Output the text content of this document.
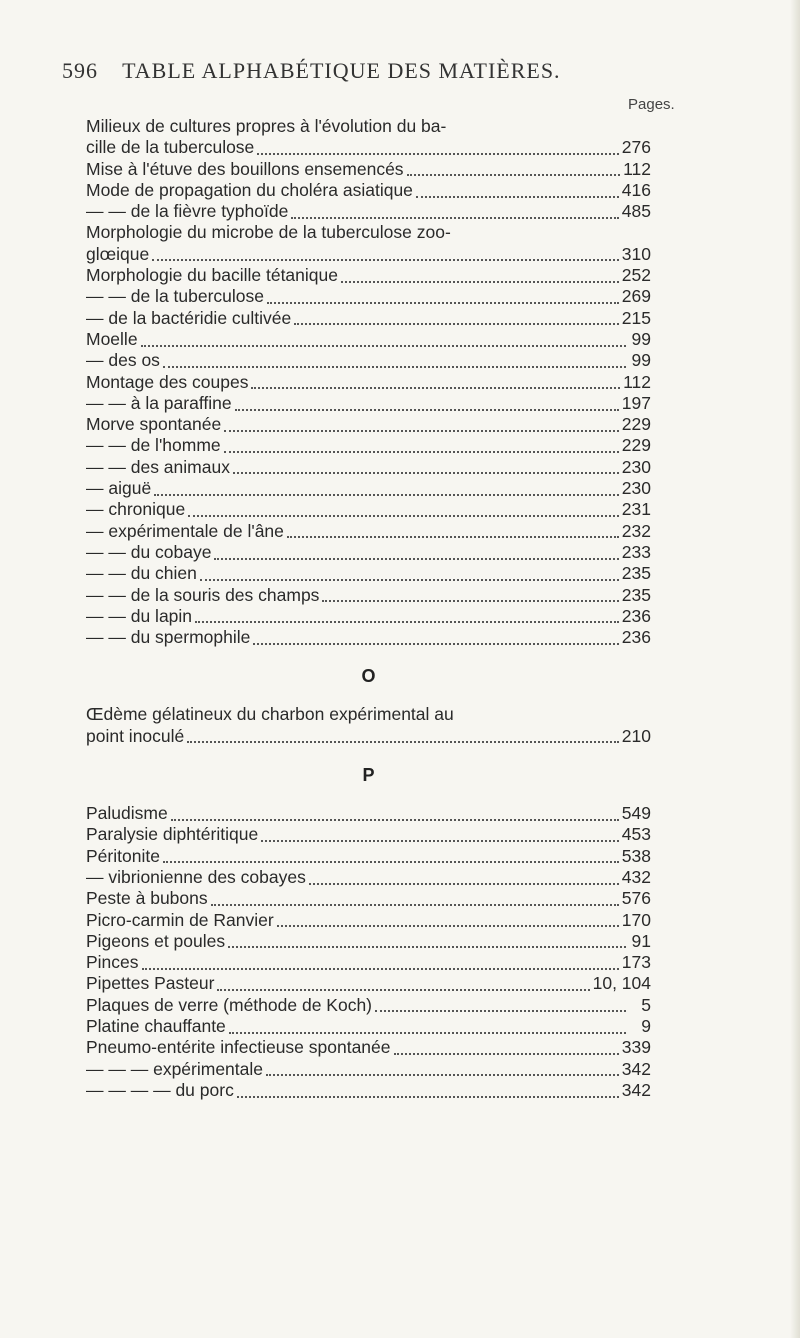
596 TABLE ALPHABÉTIQUE DES MATIÈRES.
Pages.
Milieux de cultures propres à l'évolution du ba-
cille de la tuberculose	276
Mise à l'étuve des bouillons ensemencés	112
Mode de propagation du choléra asiatique	416
— — de la fièvre typhoïde	485
Morphologie du microbe de la tuberculose zoo-
glœique	310
Morphologie du bacille tétanique	252
— — de la tuberculose	269
— de la bactéridie cultivée	215
Moelle	99
— des os	99
Montage des coupes	112
— — à la paraffine	197
Morve spontanée	229
— — de l'homme	229
— — des animaux	230
— aiguë	230
— chronique	231
— expérimentale de l'âne	232
— — du cobaye	233
— — du chien	235
— — de la souris des champs	235
— — du lapin	236
— — du spermophile	236
O
Œdème gélatineux du charbon expérimental au
point inoculé	210
P
Paludisme	549
Paralysie diphtéritique	453
Péritonite	538
— vibrionienne des cobayes	432
Peste à bubons	576
Picro-carmin de Ranvier	170
Pigeons et poules	91
Pinces	173
Pipettes Pasteur	10, 104
Plaques de verre (méthode de Koch)	5
Platine chauffante	9
Pneumo-entérite infectieuse spontanée	339
— — — expérimentale	342
— — — — du porc	342
